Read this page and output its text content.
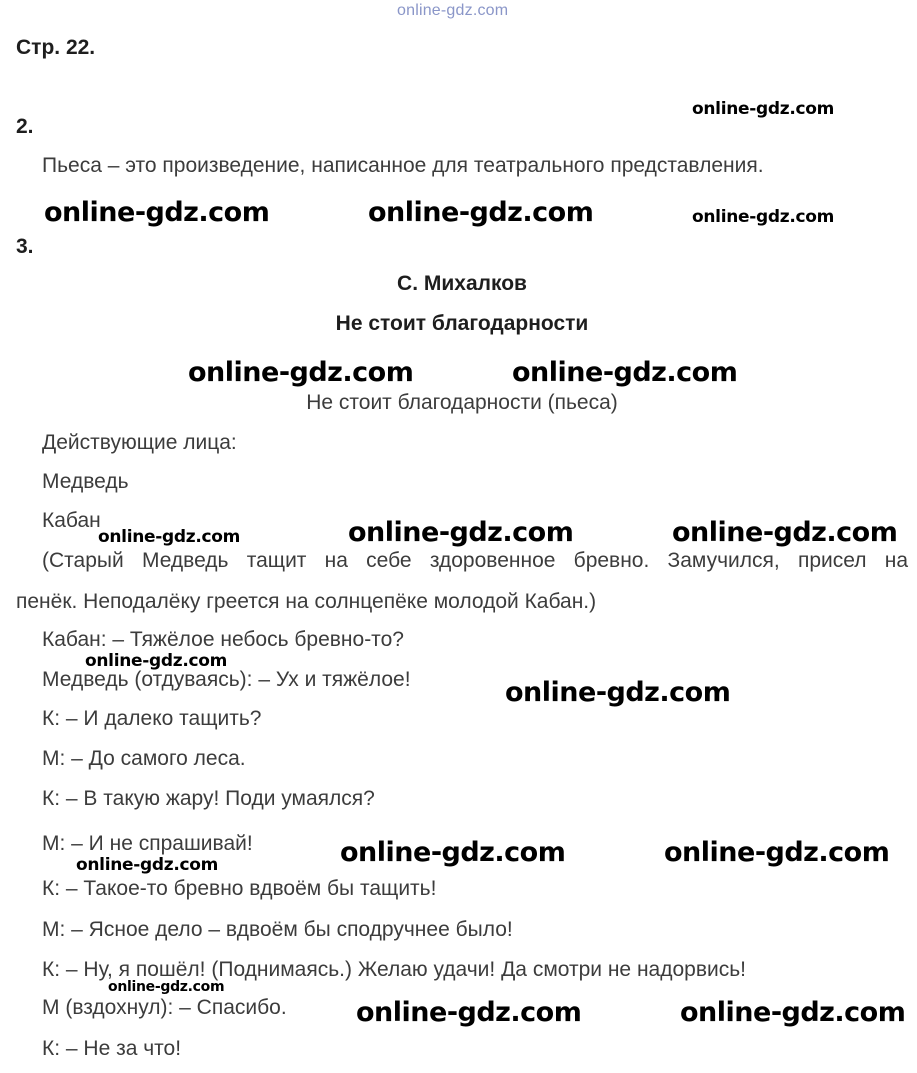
online-gdz.com
Стр. 22.
2.
Пьеса – это произведение, написанное для театрального представления.
3.
С. Михалков
Не стоит благодарности
Не стоит благодарности (пьеса)
Действующие лица:
Медведь
Кабан
(Старый Медведь тащит на себе здоровенное бревно. Замучился, присел на
пенёк. Неподалёку греется на солнцепёке молодой Кабан.)
Кабан: – Тяжёлое небось бревно-то?
Медведь (отдуваясь): – Ух и тяжёлое!
К: – И далеко тащить?
М: – До самого леса.
К: – В такую жару! Поди умаялся?
М: – И не спрашивай!
К: – Такое-то бревно вдвоём бы тащить!
М: – Ясное дело – вдвоём бы сподручнее было!
К: – Ну, я пошёл! (Поднимаясь.) Желаю удачи! Да смотри не надорвись!
М (вздохнул): – Спасибо.
К: – Не за что!
online-gdz.com
online-gdz.com	online-gdz.com	online-gdz.com
online-gdz.com	online-gdz.com
online-gdz.com	online-gdz.com	online-gdz.com
online-gdz.com
online-gdz.com
online-gdz.com	online-gdz.com
online-gdz.com
online-gdz.com
online-gdz.com	online-gdz.com
